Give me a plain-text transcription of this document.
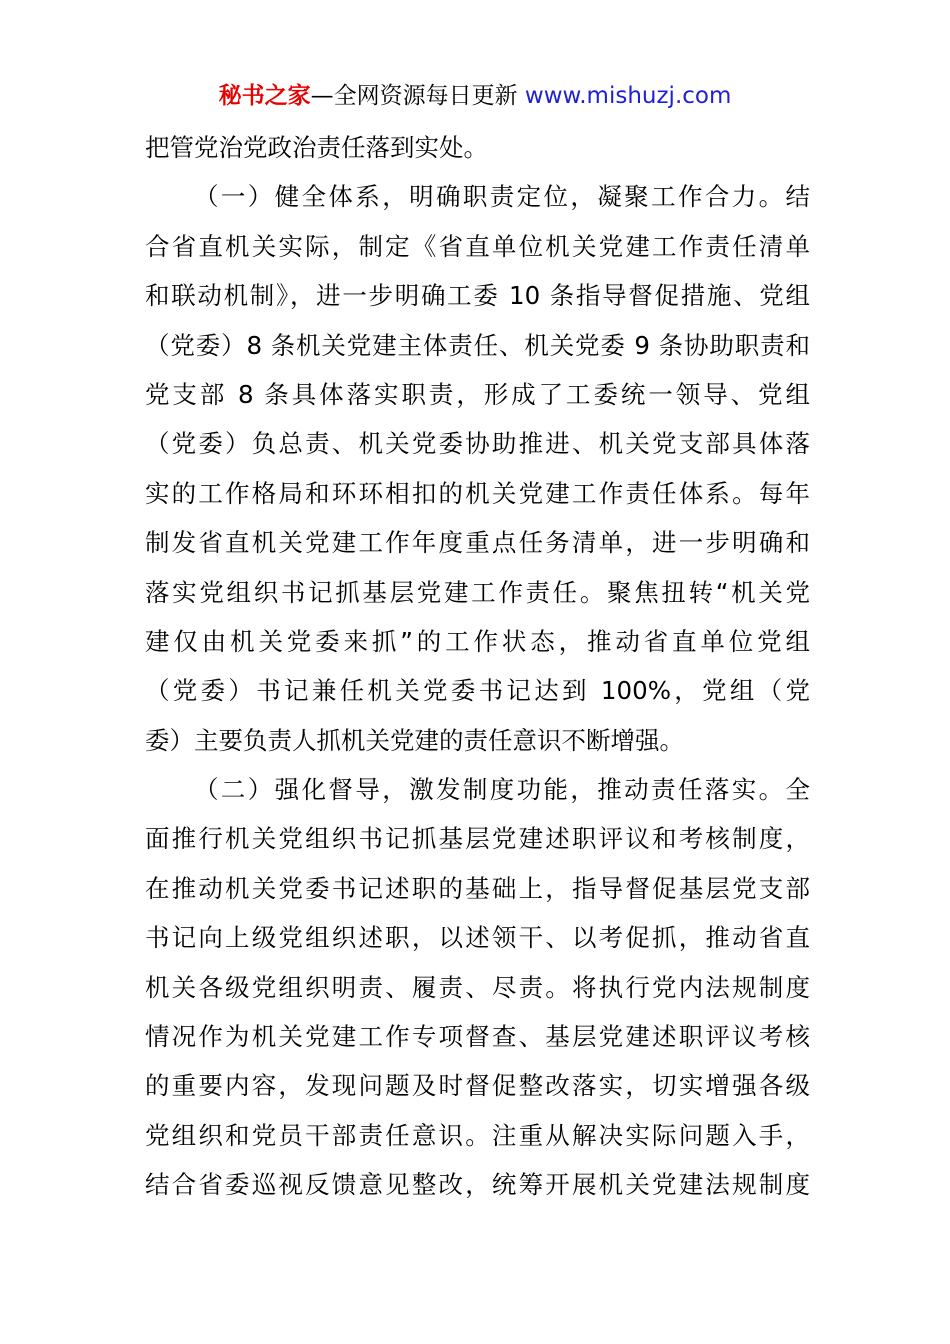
秘书之家—全网资源每日更新 www.mishuzj.com
把管党治党政治责任落到实处。
（一）健全体系，明确职责定位，凝聚工作合力。结
合省直机关实际，制定《省直单位机关党建工作责任清单
和联动机制》，进一步明确工委 10 条指导督促措施、党组
（党委）8 条机关党建主体责任、机关党委 9 条协助职责和
党支部 8 条具体落实职责，形成了工委统一领导、党组
（党委）负总责、机关党委协助推进、机关党支部具体落
实的工作格局和环环相扣的机关党建工作责任体系。每年
制发省直机关党建工作年度重点任务清单，进一步明确和
落实党组织书记抓基层党建工作责任。聚焦扭转“机关党
建仅由机关党委来抓”的工作状态，推动省直单位党组
（党委）书记兼任机关党委书记达到 100%，党组（党
委）主要负责人抓机关党建的责任意识不断增强。
（二）强化督导，激发制度功能，推动责任落实。全
面推行机关党组织书记抓基层党建述职评议和考核制度，
在推动机关党委书记述职的基础上，指导督促基层党支部
书记向上级党组织述职，以述领干、以考促抓，推动省直
机关各级党组织明责、履责、尽责。将执行党内法规制度
情况作为机关党建工作专项督查、基层党建述职评议考核
的重要内容，发现问题及时督促整改落实，切实增强各级
党组织和党员干部责任意识。注重从解决实际问题入手，
结合省委巡视反馈意见整改，统筹开展机关党建法规制度
